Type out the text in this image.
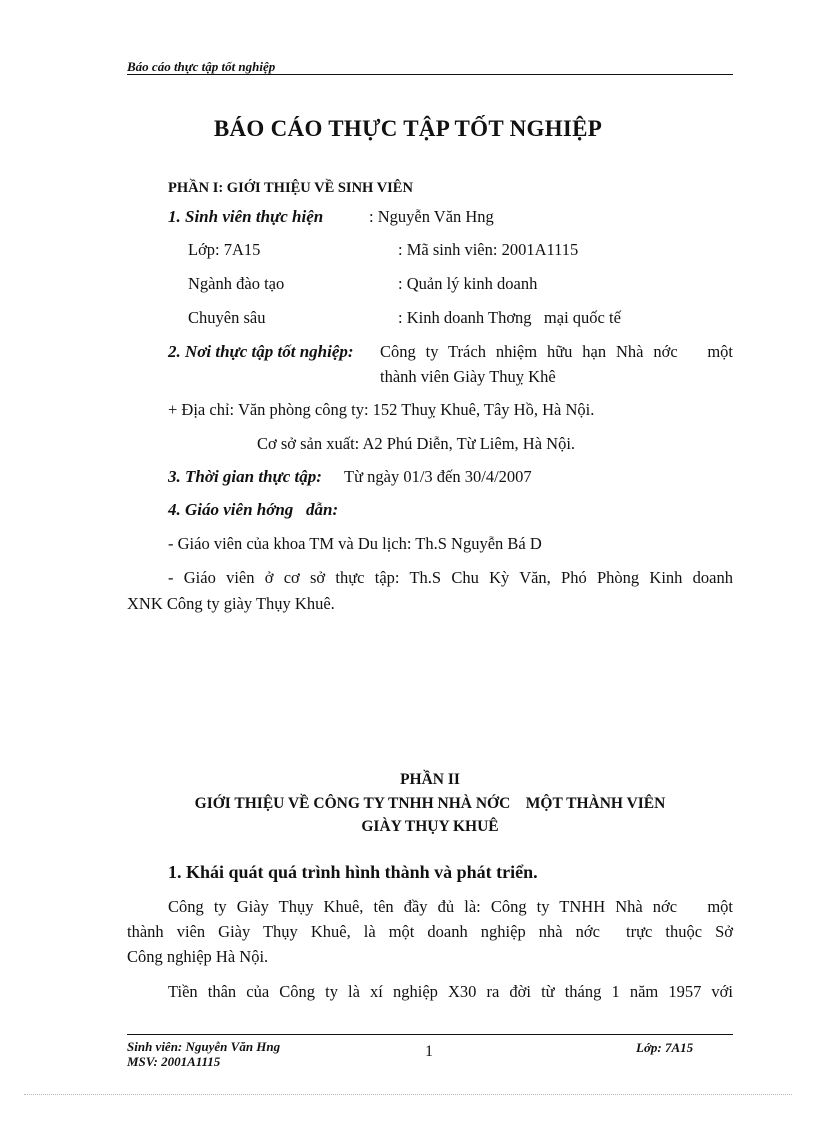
Báo cáo thực tập tốt nghiệp
BÁO CÁO THỰC TẬP TỐT NGHIỆP
PHẦN I: GIỚI THIỆU VỀ SINH VIÊN
1. Sinh viên thực hiện	: Nguyễn Văn Hng
Lớp: 7A15	: Mã sinh viên: 2001A1115
Ngành đào tạo	: Quản lý kinh doanh
Chuyên sâu	: Kinh doanh Thơng   mại quốc tế
2. Nơi thực tập tốt nghiệp: Công ty Trách nhiệm hữu hạn Nhà nớc   một
thành viên Giày Thuỵ Khê
+ Địa chỉ: Văn phòng công ty: 152 Thuỵ Khuê, Tây Hồ, Hà Nội.
Cơ sở sản xuất: A2 Phú Diễn, Từ Liêm, Hà Nội.
3. Thời gian thực tập: Từ ngày 01/3 đến 30/4/2007
4. Giáo viên hớng   dẫn:
- Giáo viên của khoa TM và Du lịch: Th.S Nguyễn Bá D
- Giáo viên ở cơ sở thực tập: Th.S Chu Kỳ Văn, Phó Phòng Kinh doanh
XNK Công ty giày Thụy Khuê.
PHẦN II
GIỚI THIỆU VỀ CÔNG TY TNHH NHÀ NỚC    MỘT THÀNH VIÊN
GIÀY THỤY KHUÊ
1. Khái quát quá trình hình thành và phát triển.
Công ty Giày Thụy Khuê, tên đầy đủ là: Công ty TNHH Nhà nớc   một
thành viên Giày Thụy Khuê, là một doanh nghiệp nhà nớc  trực thuộc Sở
Công nghiệp Hà Nội.
Tiền thân của Công ty là xí nghiệp X30 ra đời từ tháng 1 năm 1957 với
Sinh viên: Nguyễn Văn Hng
MSV: 2001A1115
1	Lớp: 7A15
